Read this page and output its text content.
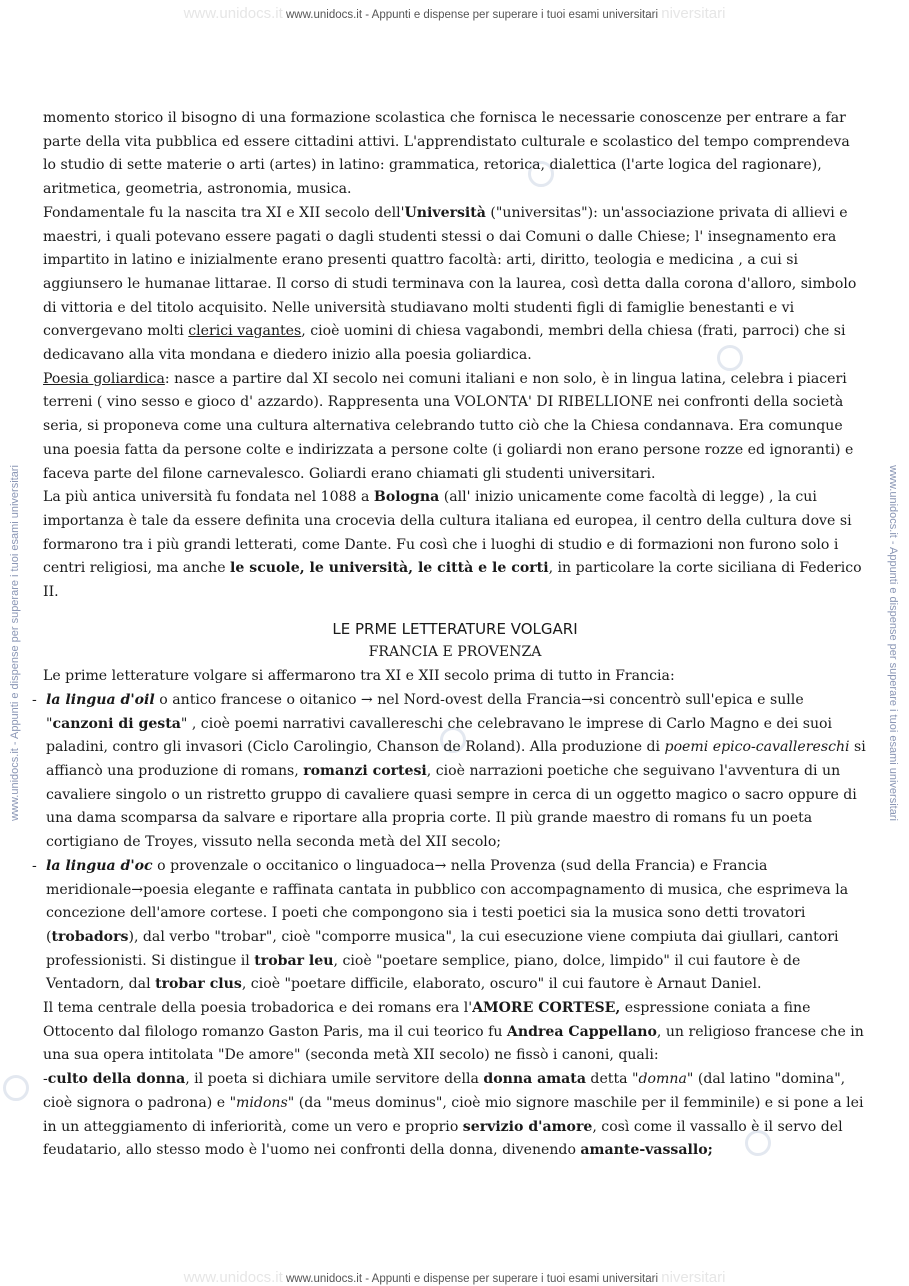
www.unidocs.it www.unidocs.it - Appunti e dispense per superare i tuoi esami universitari niversitari
www.unidocs.it www.unidocs.it - Appunti e dispense per superare i tuoi esami universitari niversitari
www.unidocs.it - Appunti e dispense per superare i tuoi esami universitari	www.unidocs.it - Appunti e dispense per superare i tuoi esami universitari

momento storico il bisogno di una formazione scolastica che fornisca le necessarie conoscenze per entrare a far parte della vita pubblica ed essere cittadini attivi. L'apprendistato culturale e scolastico del tempo comprendeva lo studio di sette materie o arti (artes) in latino: grammatica, retorica, dialettica (l'arte logica del ragionare), aritmetica, geometria, astronomia, musica.

Fondamentale fu la nascita tra XI e XII secolo dell'Università ("universitas"): un'associazione privata di allievi e maestri, i quali potevano essere pagati o dagli studenti stessi o dai Comuni o dalle Chiese; l' insegnamento era impartito in latino e inizialmente erano presenti quattro facoltà: arti, diritto, teologia e medicina , a cui si aggiunsero le humanae littarae. Il corso di studi terminava con la laurea, così detta dalla corona d'alloro, simbolo di vittoria e del titolo acquisito. Nelle università studiavano molti studenti figli di famiglie benestanti e vi convergevano molti clerici vagantes, cioè uomini di chiesa vagabondi, membri della chiesa (frati, parroci) che si dedicavano alla vita mondana e diedero inizio alla poesia goliardica.

Poesia goliardica: nasce a partire dal XI secolo nei comuni italiani e non solo, è in lingua latina, celebra i piaceri terreni ( vino sesso e gioco d' azzardo). Rappresenta una VOLONTA' DI RIBELLIONE nei confronti della società seria, si proponeva come una cultura alternativa celebrando tutto ciò che la Chiesa condannava. Era comunque una poesia fatta da persone colte e indirizzata a persone colte (i goliardi non erano persone rozze ed ignoranti) e faceva parte del filone carnevalesco. Goliardi erano chiamati gli studenti universitari.

La più antica università fu fondata nel 1088 a Bologna (all' inizio unicamente come facoltà di legge) , la cui importanza è tale da essere definita una crocevia della cultura italiana ed europea, il centro della cultura dove si formarono tra i più grandi letterati, come Dante. Fu così che i luoghi di studio e di formazioni non furono solo i centri religiosi, ma anche le scuole, le università, le città e le corti, in particolare la corte siciliana di Federico II.

LE PRME LETTERATURE VOLGARI

FRANCIA E PROVENZA

Le prime letterature volgare si affermarono tra XI e XII secolo prima di tutto in Francia:

- la lingua d'oil o antico francese o oitanico → nel Nord-ovest della Francia→si concentrò sull'epica e sulle "canzoni di gesta" , cioè poemi narrativi cavallereschi che celebravano le imprese di Carlo Magno e dei suoi paladini, contro gli invasori (Ciclo Carolingio, Chanson de Roland). Alla produzione di poemi epico-cavallereschi si affiancò una produzione di romans, romanzi cortesi, cioè narrazioni poetiche che seguivano l'avventura di un cavaliere singolo o un ristretto gruppo di cavaliere quasi sempre in cerca di un oggetto magico o sacro oppure di una dama scomparsa da salvare e riportare alla propria corte. Il più grande maestro di romans fu un poeta cortigiano de Troyes, vissuto nella seconda metà del XII secolo;

- la lingua d'oc o provenzale o occitanico o linguadoca→ nella Provenza (sud della Francia) e Francia meridionale→poesia elegante e raffinata cantata in pubblico con accompagnamento di musica, che esprimeva la concezione dell'amore cortese. I poeti che compongono sia i testi poetici sia la musica sono detti trovatori (trobadors), dal verbo "trobar", cioè "comporre musica", la cui esecuzione viene compiuta dai giullari, cantori professionisti. Si distingue il trobar leu, cioè "poetare semplice, piano, dolce, limpido" il cui fautore è de Ventadorn, dal trobar clus, cioè "poetare difficile, elaborato, oscuro" il cui fautore è Arnaut Daniel.

Il tema centrale della poesia trobadorica e dei romans era l'AMORE CORTESE, espressione coniata a fine Ottocento dal filologo romanzo Gaston Paris, ma il cui teorico fu Andrea Cappellano, un religioso francese che in una sua opera intitolata "De amore" (seconda metà XII secolo) ne fissò i canoni, quali:

-culto della donna, il poeta si dichiara umile servitore della donna amata detta "domna" (dal latino "domina", cioè signora o padrona) e "midons" (da "meus dominus", cioè mio signore maschile per il femminile) e si pone a lei in un atteggiamento di inferiorità, come un vero e proprio servizio d'amore, così come il vassallo è il servo del feudatario, allo stesso modo è l'uomo nei confronti della donna, divenendo amante-vassallo;
